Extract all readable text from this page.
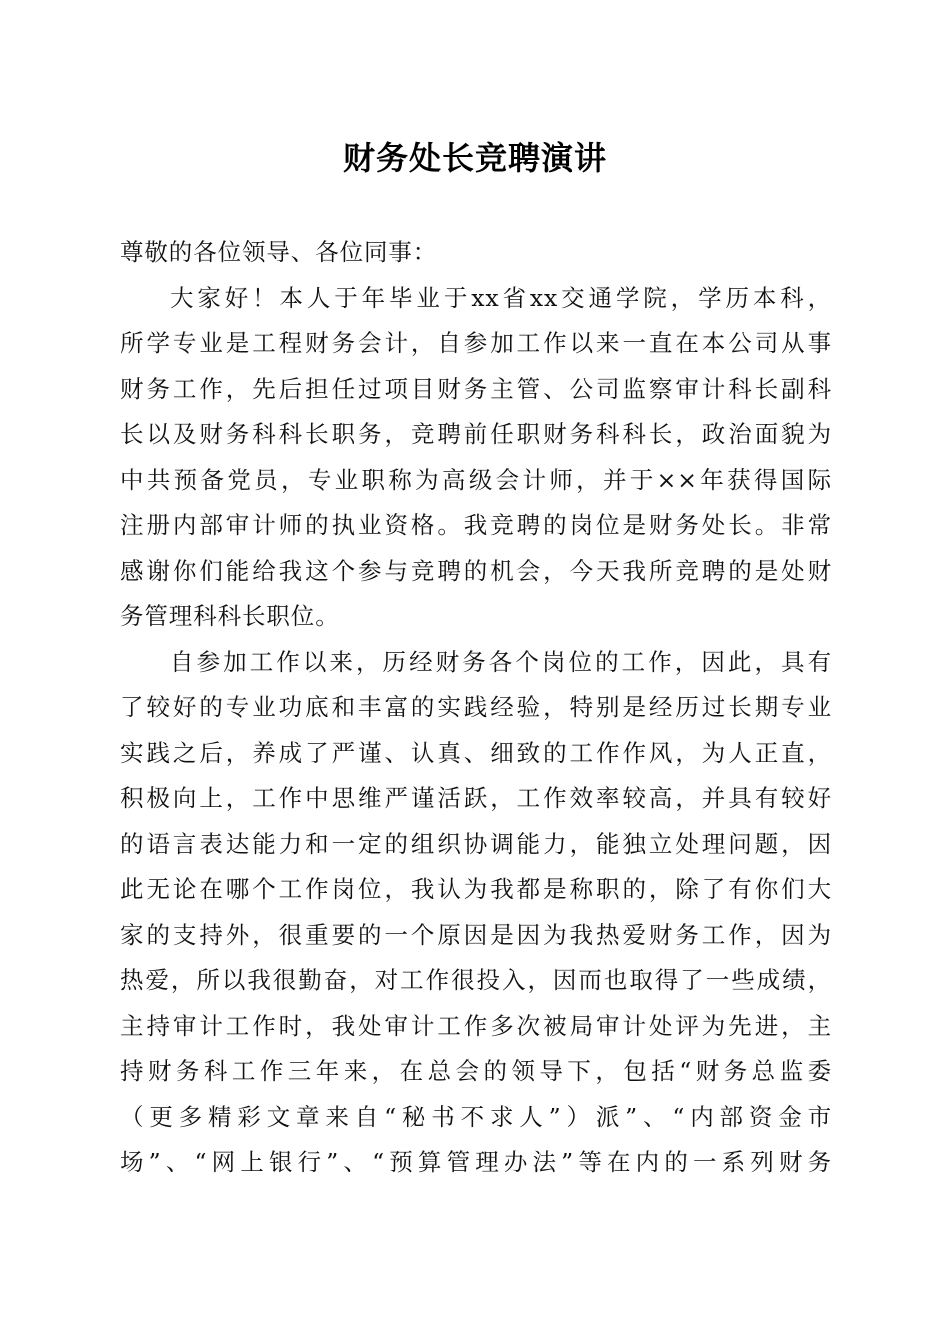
财务处长竞聘演讲
尊敬的各位领导、各位同事：
大家好！本人于年毕业于xx省xx交通学院，学历本科，
所学专业是工程财务会计，自参加工作以来一直在本公司从事
财务工作，先后担任过项目财务主管、公司监察审计科长副科
长以及财务科科长职务，竞聘前任职财务科科长，政治面貌为
中共预备党员，专业职称为高级会计师，并于××年获得国际
注册内部审计师的执业资格。我竞聘的岗位是财务处长。非常
感谢你们能给我这个参与竞聘的机会，今天我所竞聘的是处财
务管理科科长职位。
自参加工作以来，历经财务各个岗位的工作，因此，具有
了较好的专业功底和丰富的实践经验，特别是经历过长期专业
实践之后，养成了严谨、认真、细致的工作作风，为人正直，
积极向上，工作中思维严谨活跃，工作效率较高，并具有较好
的语言表达能力和一定的组织协调能力，能独立处理问题，因
此无论在哪个工作岗位，我认为我都是称职的，除了有你们大
家的支持外，很重要的一个原因是因为我热爱财务工作，因为
热爱，所以我很勤奋，对工作很投入，因而也取得了一些成绩，
主持审计工作时，我处审计工作多次被局审计处评为先进，主
持财务科工作三年来，在总会的领导下，包括“财务总监委
（更多精彩文章来自“秘书不求人”）派”、“内部资金市
场”、“网上银行”、“预算管理办法”等在内的一系列财务
